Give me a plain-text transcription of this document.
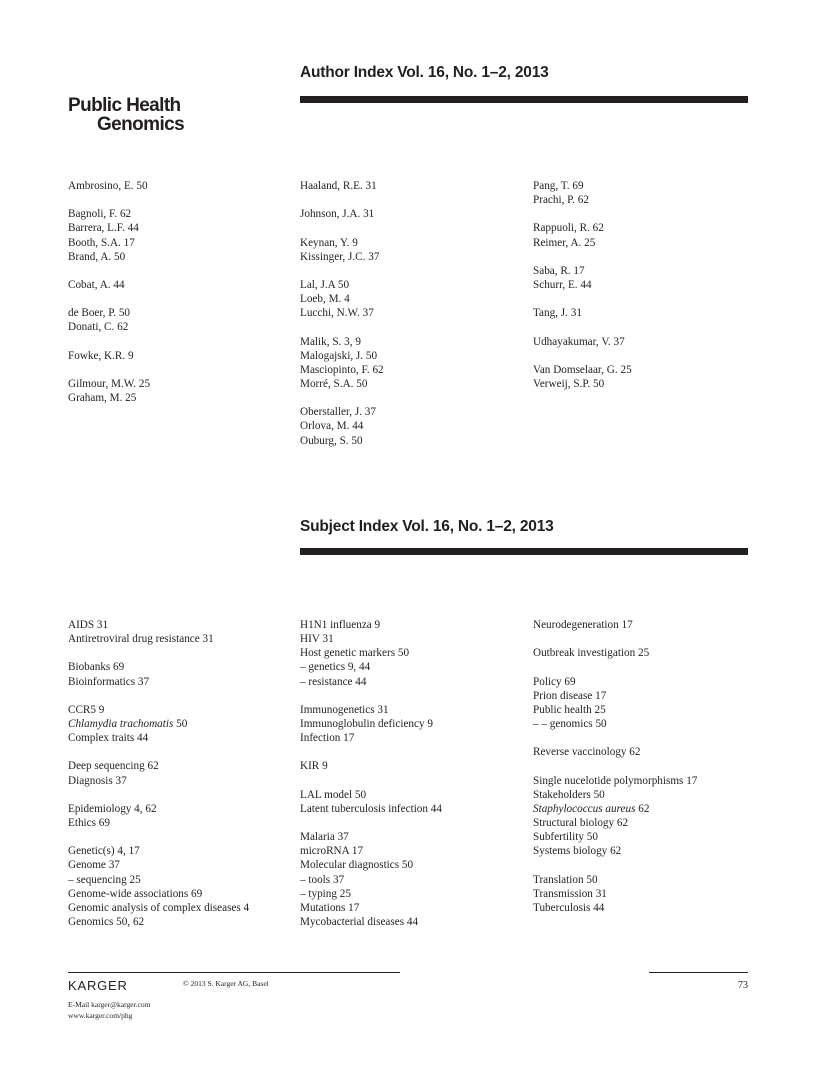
Public Health
Genomics
Author Index Vol. 16, No. 1–2, 2013
Ambrosino, E. 50
Bagnoli, F. 62
Barrera, L.F. 44
Booth, S.A. 17
Brand, A. 50
Cobat, A. 44
de Boer, P. 50
Donati, C. 62
Fowke, K.R. 9
Gilmour, M.W. 25
Graham, M. 25
Haaland, R.E. 31
Johnson, J.A. 31
Keynan, Y. 9
Kissinger, J.C. 37
Lal, J.A 50
Loeb, M. 4
Lucchi, N.W. 37
Malik, S. 3, 9
Malogajski, J. 50
Masciopinto, F. 62
Morré, S.A. 50
Oberstaller, J. 37
Orlova, M. 44
Ouburg, S. 50
Pang, T. 69
Prachi, P. 62
Rappuoli, R. 62
Reimer, A. 25
Saba, R. 17
Schurr, E. 44
Tang, J. 31
Udhayakumar, V. 37
Van Domselaar, G. 25
Verweij, S.P. 50
Subject Index Vol. 16, No. 1–2, 2013
AIDS 31
Antiretroviral drug resistance 31
Biobanks 69
Bioinformatics 37
CCR5 9
Chlamydia trachomatis 50
Complex traits 44
Deep sequencing 62
Diagnosis 37
Epidemiology 4, 62
Ethics 69
Genetic(s) 4, 17
Genome 37
– sequencing 25
Genome-wide associations 69
Genomic analysis of complex diseases 4
Genomics 50, 62
H1N1 influenza 9
HIV 31
Host genetic markers 50
– genetics 9, 44
– resistance 44
Immunogenetics 31
Immunoglobulin deficiency 9
Infection 17
KIR 9
LAL model 50
Latent tuberculosis infection 44
Malaria 37
microRNA 17
Molecular diagnostics 50
– tools 37
– typing 25
Mutations 17
Mycobacterial diseases 44
Neurodegeneration 17
Outbreak investigation 25
Policy 69
Prion disease 17
Public health 25
– – genomics 50
Reverse vaccinology 62
Single nucelotide polymorphisms 17
Stakeholders 50
Staphylococcus aureus 62
Structural biology 62
Subfertility 50
Systems biology 62
Translation 50
Transmission 31
Tuberculosis 44
KARGER	© 2013 S. Karger AG, Basel
E-Mail karger@karger.com
www.karger.com/phg
73
